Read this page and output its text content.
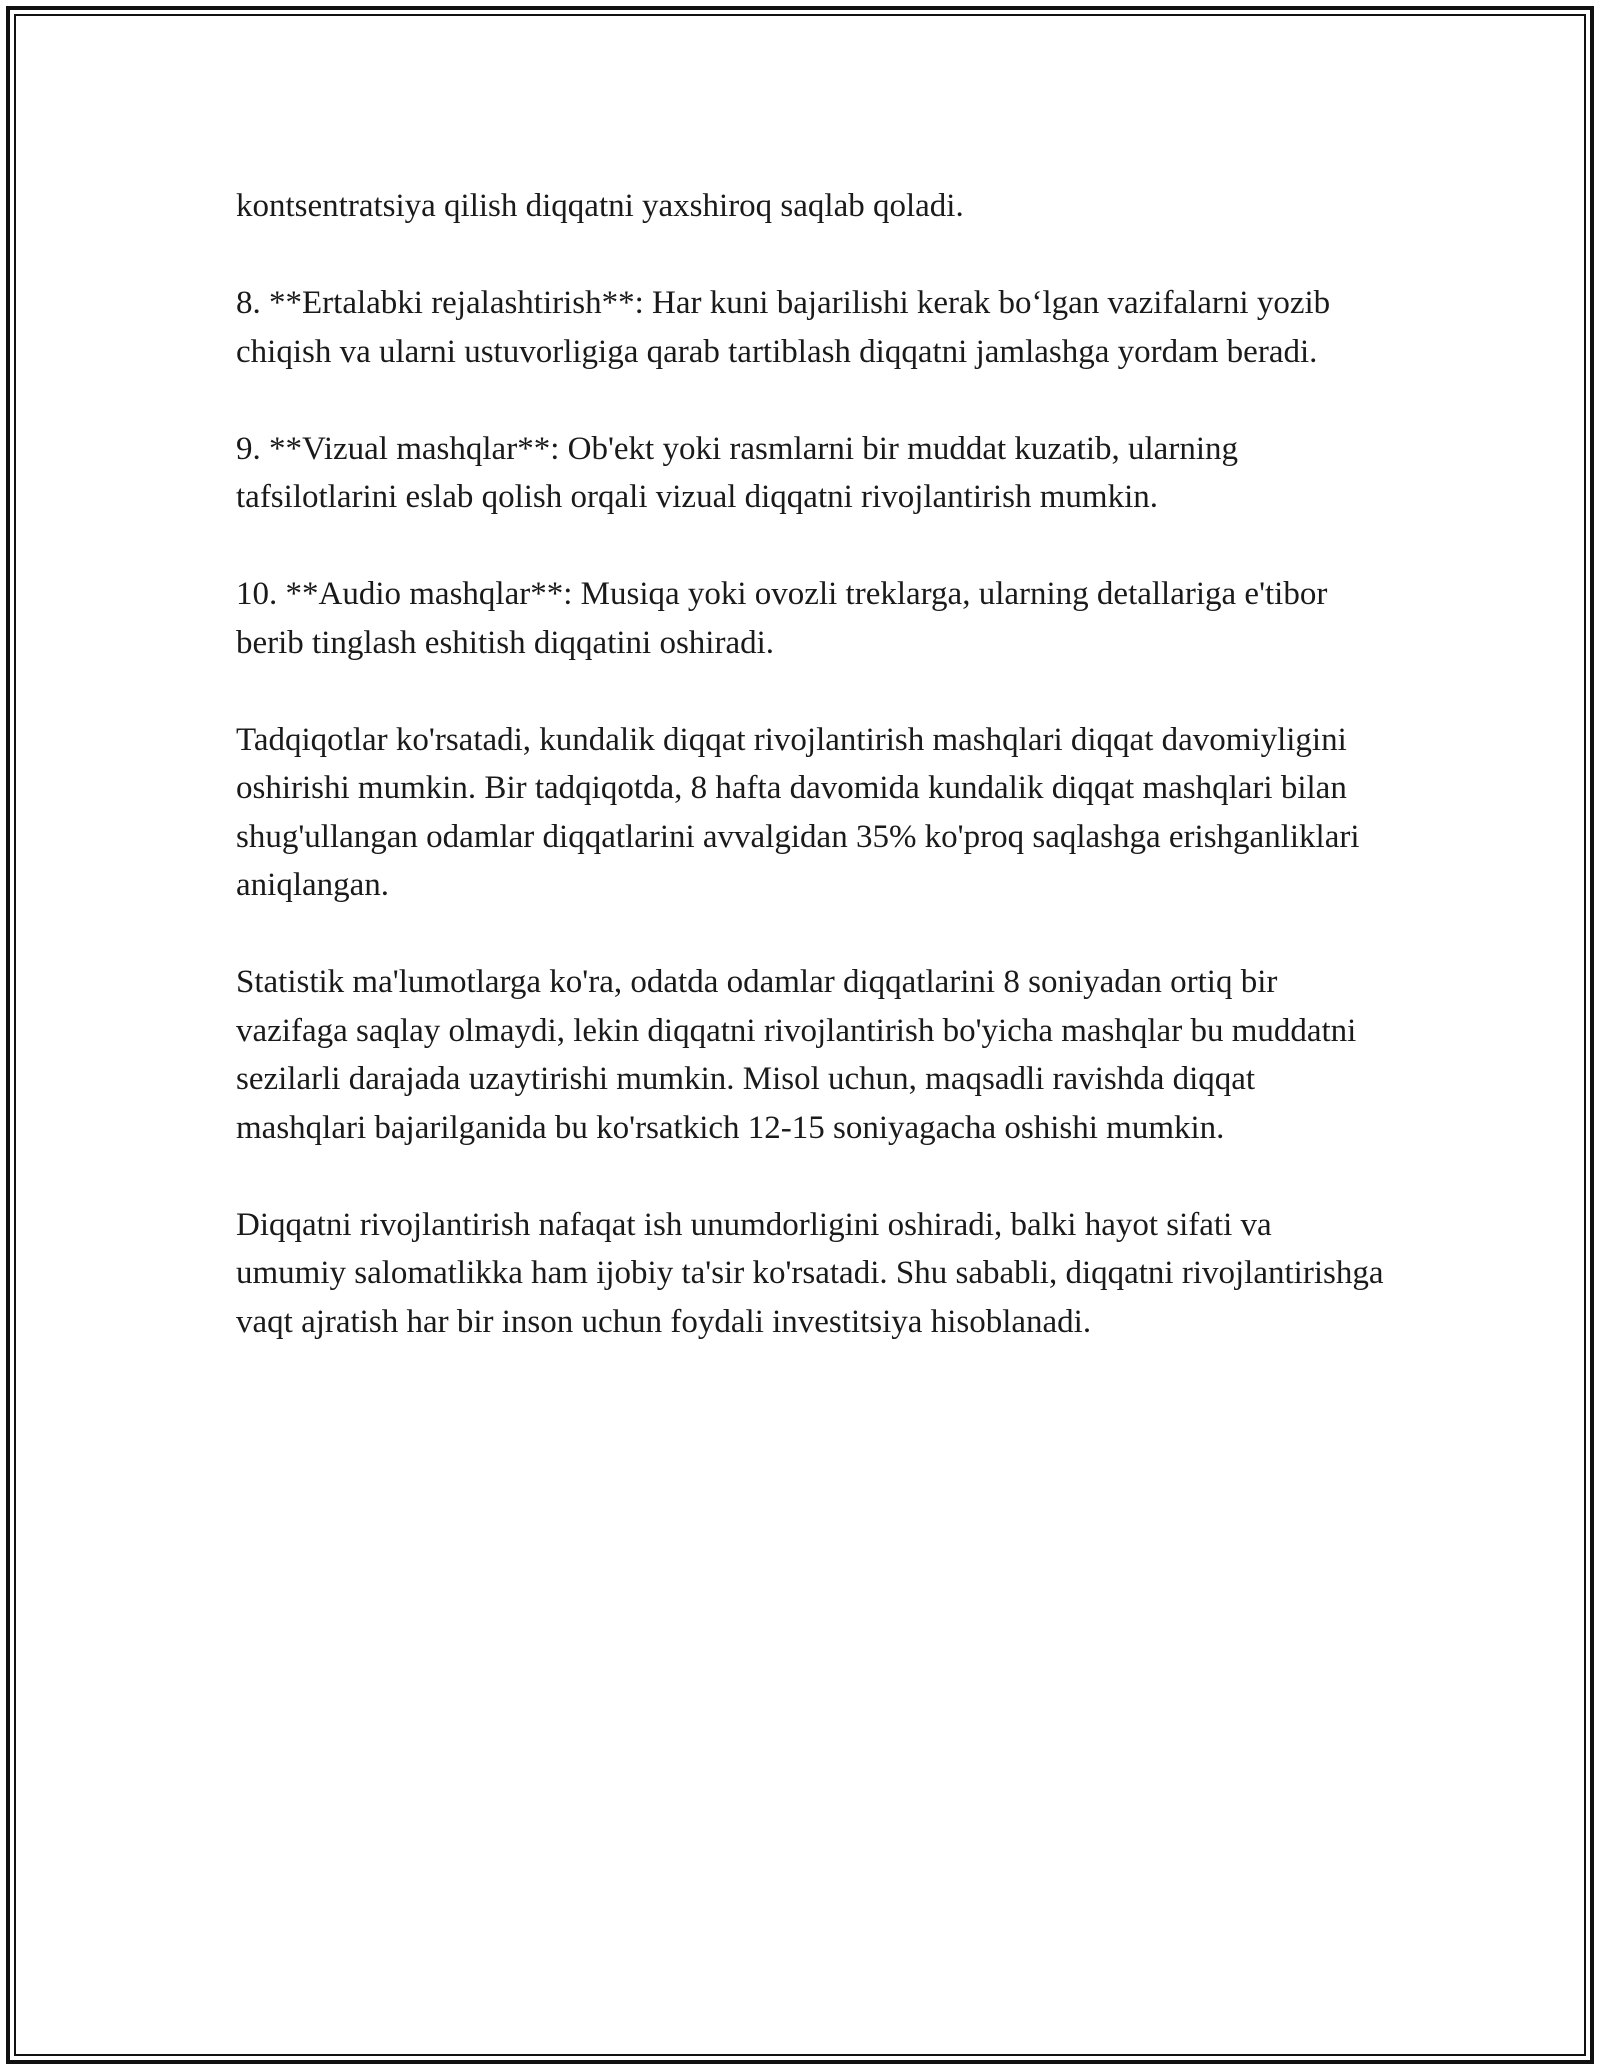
kontsentratsiya qilish diqqatni yaxshiroq saqlab qoladi.

8. **Ertalabki rejalashtirish**: Har kuni bajarilishi kerak bo‘lgan vazifalarni yozib chiqish va ularni ustuvorligiga qarab tartiblash diqqatni jamlashga yordam beradi.

9. **Vizual mashqlar**: Ob'ekt yoki rasmlarni bir muddat kuzatib, ularning tafsilotlarini eslab qolish orqali vizual diqqatni rivojlantirish mumkin.

10. **Audio mashqlar**: Musiqa yoki ovozli treklarga, ularning detallariga e'tibor berib tinglash eshitish diqqatini oshiradi.

Tadqiqotlar ko'rsatadi, kundalik diqqat rivojlantirish mashqlari diqqat davomiyligini oshirishi mumkin. Bir tadqiqotda, 8 hafta davomida kundalik diqqat mashqlari bilan shug'ullangan odamlar diqqatlarini avvalgidan 35% ko'proq saqlashga erishganliklari aniqlangan.

Statistik ma'lumotlarga ko'ra, odatda odamlar diqqatlarini 8 soniyadan ortiq bir vazifaga saqlay olmaydi, lekin diqqatni rivojlantirish bo'yicha mashqlar bu muddatni sezilarli darajada uzaytirishi mumkin. Misol uchun, maqsadli ravishda diqqat mashqlari bajarilganida bu ko'rsatkich 12-15 soniyagacha oshishi mumkin.

Diqqatni rivojlantirish nafaqat ish unumdorligini oshiradi, balki hayot sifati va umumiy salomatlikka ham ijobiy ta'sir ko'rsatadi. Shu sababli, diqqatni rivojlantirishga vaqt ajratish har bir inson uchun foydali investitsiya hisoblanadi.
